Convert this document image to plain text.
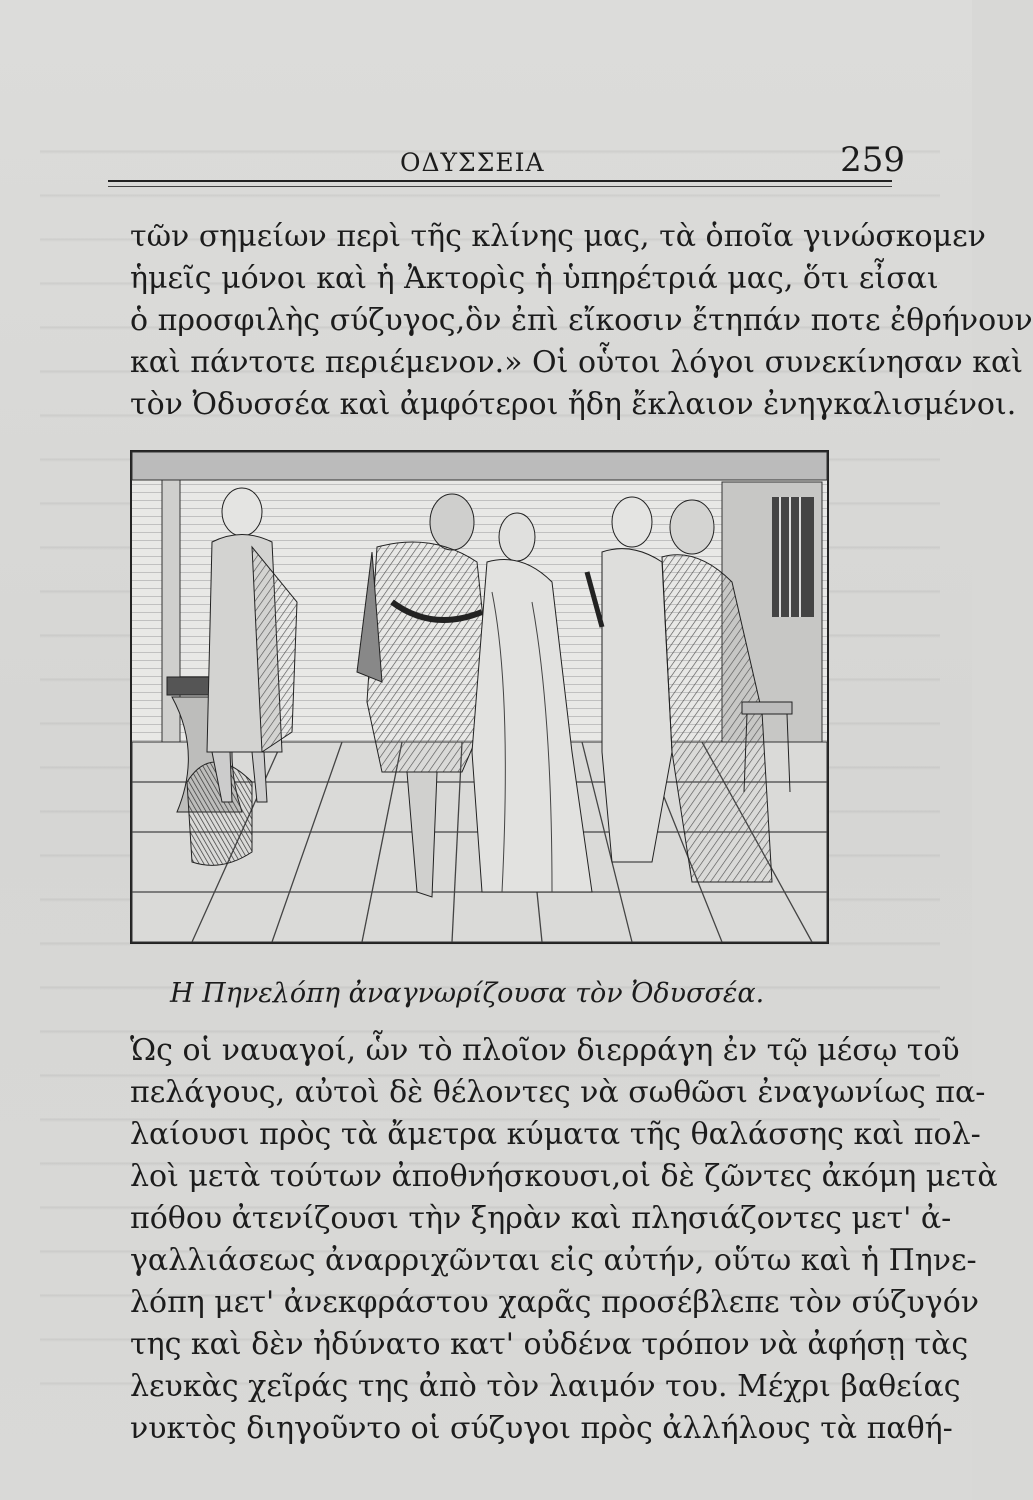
ΟΔΥΣΣΕΙΑ	259
τῶν σημείων περὶ τῆς κλίνης μας, τὰ ὁποῖα γινώσκομεν
ἡμεῖς μόνοι καὶ ἡ Ἀκτορὶς ἡ ὑπηρέτριά μας, ὅτι εἶσαι
ὁ προσφιλὴς σύζυγος,ὃν ἐπὶ εἴκοσιν ἔτηπάν ποτε ἐθρήνουν
καὶ πάντοτε περιέμενον.» Οἱ οὗτοι λόγοι συνεκίνησαν καὶ
τὸν Ὀδυσσέα καὶ ἀμφότεροι ἤδη ἔκλαιον ἐνηγκαλισμένοι.
Η Πηνελόπη ἀναγνωρίζουσα τὸν Ὀδυσσέα.
Ὡς οἱ ναυαγοί, ὧν τὸ πλοῖον διερράγη ἐν τῷ μέσῳ τοῦ
πελάγους, αὐτοὶ δὲ θέλοντες νὰ σωθῶσι ἐναγωνίως πα-
λαίουσι πρὸς τὰ ἄμετρα κύματα τῆς θαλάσσης καὶ πολ-
λοὶ μετὰ τούτων ἀποθνήσκουσι,οἱ δὲ ζῶντες ἀκόμη μετὰ
πόθου ἀτενίζουσι τὴν ξηρὰν καὶ πλησιάζοντες μετ' ἀ-
γαλλιάσεως ἀναρριχῶνται εἰς αὐτήν, οὕτω καὶ ἡ Πηνε-
λόπη μετ' ἀνεκφράστου χαρᾶς προσέβλεπε τὸν σύζυγόν
της καὶ δὲν ἠδύνατο κατ' οὐδένα τρόπον νὰ ἀφήσῃ τὰς
λευκὰς χεῖράς της ἀπὸ τὸν λαιμόν του. Μέχρι βαθείας
νυκτὸς διηγοῦντο οἱ σύζυγοι πρὸς ἀλλήλους τὰ παθή-
